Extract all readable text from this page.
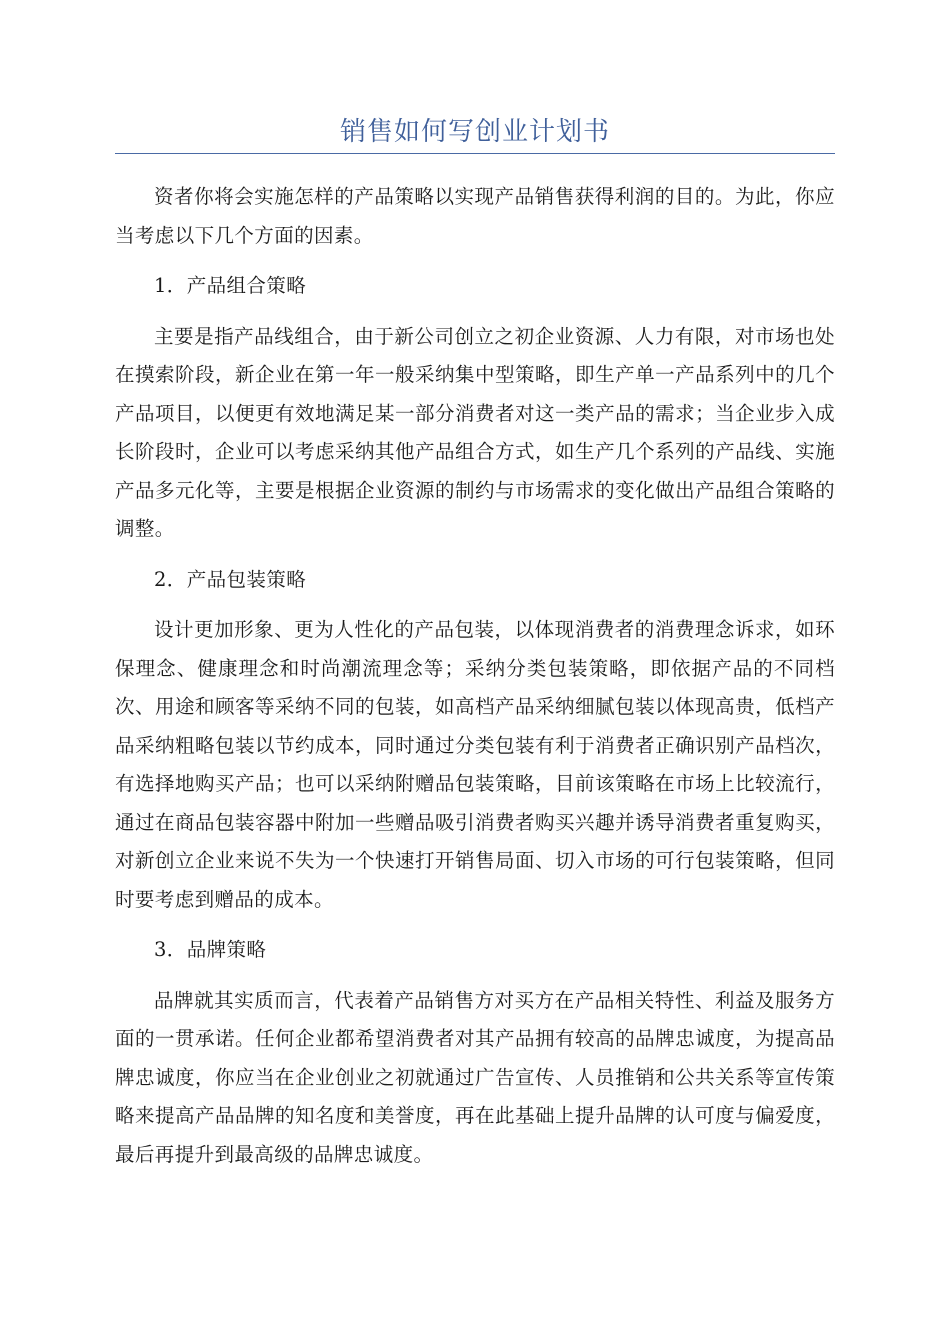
销售如何写创业计划书

资者你将会实施怎样的产品策略以实现产品销售获得利润的目的。为此，你应当考虑以下几个方面的因素。

1．产品组合策略

主要是指产品线组合，由于新公司创立之初企业资源、人力有限，对市场也处在摸索阶段，新企业在第一年一般采纳集中型策略，即生产单一产品系列中的几个产品项目，以便更有效地满足某一部分消费者对这一类产品的需求；当企业步入成长阶段时，企业可以考虑采纳其他产品组合方式，如生产几个系列的产品线、实施产品多元化等，主要是根据企业资源的制约与市场需求的变化做出产品组合策略的调整。

2．产品包装策略

设计更加形象、更为人性化的产品包装，以体现消费者的消费理念诉求，如环保理念、健康理念和时尚潮流理念等；采纳分类包装策略，即依据产品的不同档次、用途和顾客等采纳不同的包装，如高档产品采纳细腻包装以体现高贵，低档产品采纳粗略包装以节约成本，同时通过分类包装有利于消费者正确识别产品档次，有选择地购买产品；也可以采纳附赠品包装策略，目前该策略在市场上比较流行，通过在商品包装容器中附加一些赠品吸引消费者购买兴趣并诱导消费者重复购买，对新创立企业来说不失为一个快速打开销售局面、切入市场的可行包装策略，但同时要考虑到赠品的成本。

3．品牌策略

品牌就其实质而言，代表着产品销售方对买方在产品相关特性、利益及服务方面的一贯承诺。任何企业都希望消费者对其产品拥有较高的品牌忠诚度，为提高品牌忠诚度，你应当在企业创业之初就通过广告宣传、人员推销和公共关系等宣传策略来提高产品品牌的知名度和美誉度，再在此基础上提升品牌的认可度与偏爱度，最后再提升到最高级的品牌忠诚度。
